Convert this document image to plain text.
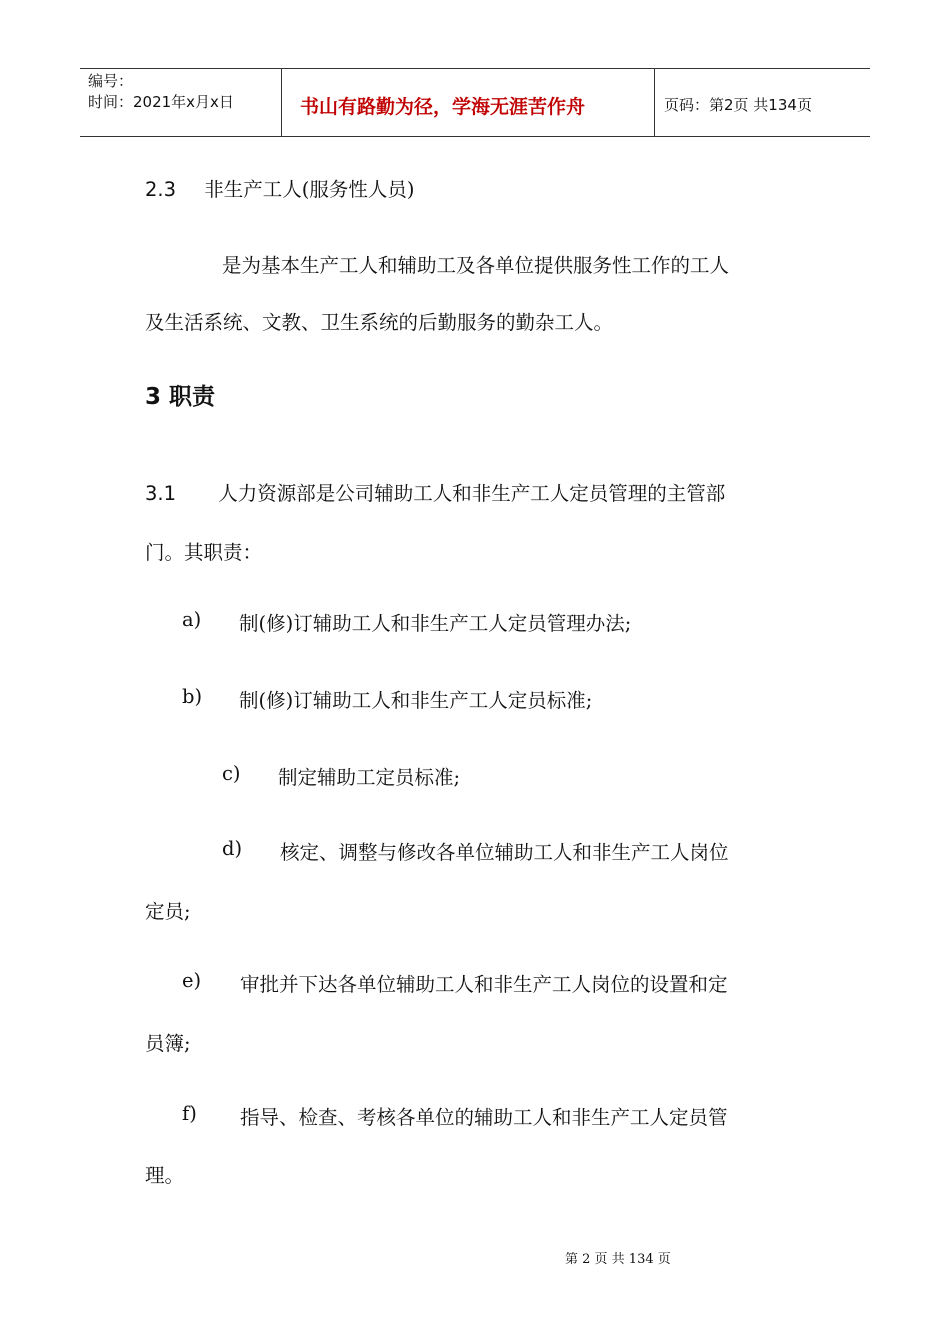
编号：
时间：2021年x月x日	书山有路勤为径，学海无涯苦作舟	页码：第2页 共134页
2.3 非生产工人(服务性人员)
是为基本生产工人和辅助工及各单位提供服务性工作的工人
及生活系统、文教、卫生系统的后勤服务的勤杂工人。
3 职责
3.1 人力资源部是公司辅助工人和非生产工人定员管理的主管部
门。其职责：
a) 制(修)订辅助工人和非生产工人定员管理办法;
b) 制(修)订辅助工人和非生产工人定员标准;
c) 制定辅助工定员标准;
d) 核定、调整与修改各单位辅助工人和非生产工人岗位
定员;
e) 审批并下达各单位辅助工人和非生产工人岗位的设置和定
员簿;
f) 指导、检查、考核各单位的辅助工人和非生产工人定员管
理。
第 2 页 共 134 页
